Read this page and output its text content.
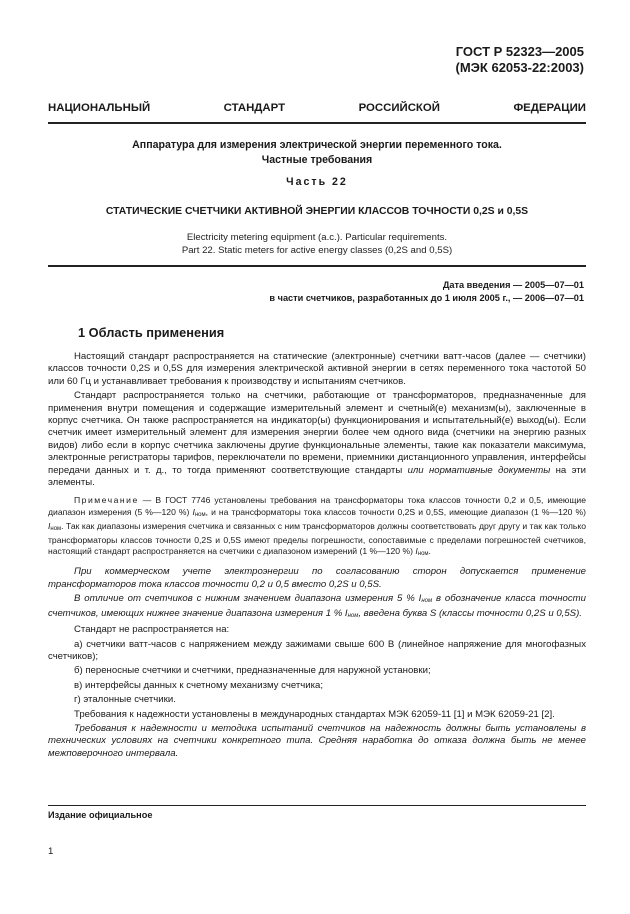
ГОСТ Р 52323—2005
(МЭК 62053-22:2003)
НАЦИОНАЛЬНЫЙ СТАНДАРТ РОССИЙСКОЙ ФЕДЕРАЦИИ
Аппаратура для измерения электрической энергии переменного тока.
Частные требования
Часть 22
СТАТИЧЕСКИЕ СЧЕТЧИКИ АКТИВНОЙ ЭНЕРГИИ КЛАССОВ ТОЧНОСТИ 0,2S и 0,5S
Electricity metering equipment (a.c.). Particular requirements.
Part 22. Static meters for active energy classes (0,2S and 0,5S)
Дата введения — 2005—07—01
в части счетчиков, разработанных до 1 июля 2005 г., — 2006—07—01
1 Область применения

Настоящий стандарт распространяется на статические (электронные) счетчики ватт-часов (далее — счетчики) классов точности 0,2S и 0,5S для измерения электрической активной энергии в сетях переменного тока частотой 50 или 60 Гц и устанавливает требования к производству и испытаниям счетчиков.

Стандарт распространяется только на счетчики, работающие от трансформаторов, предназначенные для применения внутри помещения и содержащие измерительный элемент и счетный(е) механизм(ы), заключенные в корпус счетчика. Он также распространяется на индикатор(ы) функционирования и испытательный(е) выход(ы). Если счетчик имеет измерительный элемент для измерения энергии более чем одного вида (счетчики на энергию разных видов) либо если в корпус счетчика заключены другие функциональные элементы, такие как показатели максимума, электронные регистраторы тарифов, переключатели по времени, приемники дистанционного управления, интерфейсы передачи данных и т. д., то тогда применяют соответствующие стандарты или нормативные документы на эти элементы.

Примечание — В ГОСТ 7746 установлены требования на трансформаторы тока классов точности 0,2 и 0,5, имеющие диапазон измерения (5 %—120 %) Iном, и на трансформаторы тока классов точности 0,2S и 0,5S, имеющие диапазон (1 %—120 %) Iном. Так как диапазоны измерения счетчика и связанных с ним трансформаторов должны соответствовать друг другу и так как только трансформаторы классов точности 0,2S и 0,5S имеют пределы погрешности, сопоставимые с пределами погрешностей счетчиков, настоящий стандарт распространяется на счетчики с диапазоном измерений (1 %—120 %) Iном.

При коммерческом учете электроэнергии по согласованию сторон допускается применение трансформаторов тока классов точности 0,2 и 0,5 вместо 0,2S и 0,5S.

В отличие от счетчиков с нижним значением диапазона измерения 5 % Iном в обозначение класса точности счетчиков, имеющих нижнее значение диапазона измерения 1 % Iном, введена буква S (классы точности 0,2S и 0,5S).

Стандарт не распространяется на:

а) счетчики ватт-часов с напряжением между зажимами свыше 600 В (линейное напряжение для многофазных счетчиков);

б) переносные счетчики и счетчики, предназначенные для наружной установки;

в) интерфейсы данных к счетному механизму счетчика;

г) эталонные счетчики.

Требования к надежности установлены в международных стандартах МЭК 62059-11 [1] и МЭК 62059-21 [2].

Требования к надежности и методика испытаний счетчиков на надежность должны быть установлены в технических условиях на счетчики конкретного типа. Средняя наработка до отказа должна быть не менее межповерочного интервала.

Издание официальное
1
